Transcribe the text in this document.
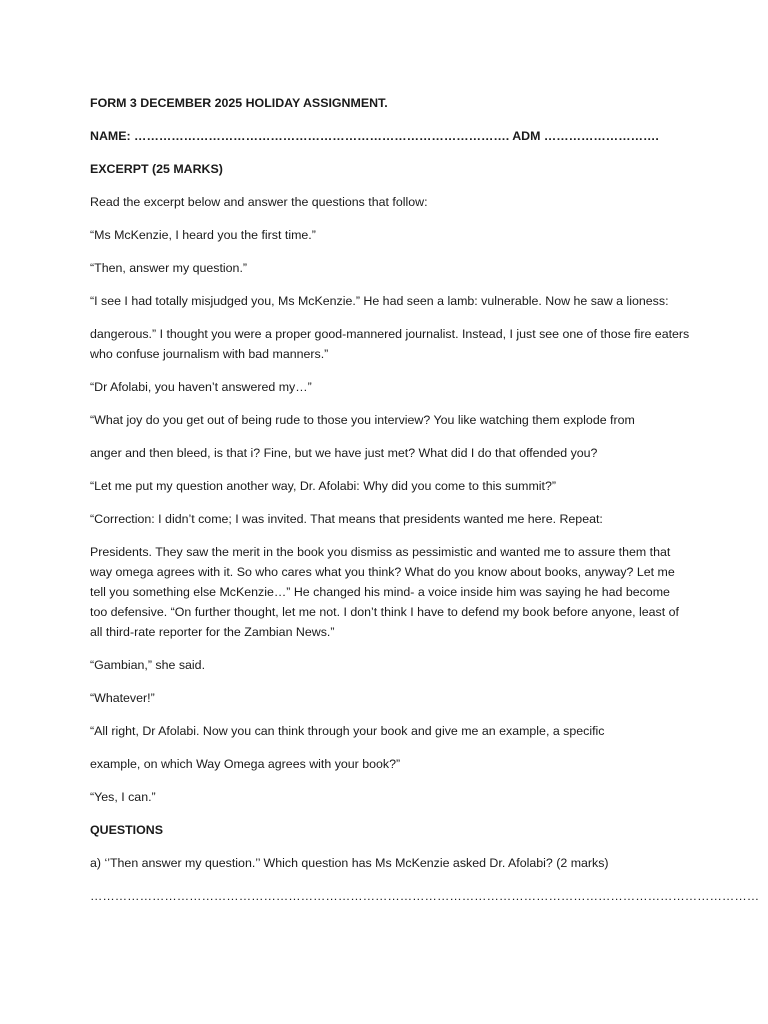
FORM 3 DECEMBER 2025 HOLIDAY ASSIGNMENT.

NAME: ………………………………………………………………………………. ADM ……………………….

EXCERPT (25 MARKS)

Read the excerpt below and answer the questions that follow:

“Ms McKenzie, I heard you the first time.”

“Then, answer my question.”

“I see I had totally misjudged you, Ms McKenzie.” He had seen a lamb: vulnerable. Now he saw a lioness:

dangerous.” I thought you were a proper good-mannered journalist. Instead, I just see one of those fire eaters who confuse journalism with bad manners.”

“Dr Afolabi, you haven’t answered my…”

“What joy do you get out of being rude to those you interview? You like watching them explode from

anger and then bleed, is that i? Fine, but we have just met? What did I do that offended you?

“Let me put my question another way, Dr. Afolabi: Why did you come to this summit?”

“Correction: I didn’t come; I was invited. That means that presidents wanted me here. Repeat:

Presidents. They saw the merit in the book you dismiss as pessimistic and wanted me to assure them that way omega agrees with it. So who cares what you think? What do you know about books, anyway? Let me tell you something else McKenzie…” He changed his mind- a voice inside him was saying he had become too defensive. “On further thought, let me not. I don’t think I have to defend my book before anyone, least of all third-rate reporter for the Zambian News.”

“Gambian,” she said.

“Whatever!”

“All right, Dr Afolabi. Now you can think through your book and give me an example, a specific

example, on which Way Omega agrees with your book?”

“Yes, I can.”

QUESTIONS

a) ‘’Then answer my question.’’ Which question has Ms McKenzie asked Dr. Afolabi? (2 marks)

………………………………………………………………………………………………………………………………………………
